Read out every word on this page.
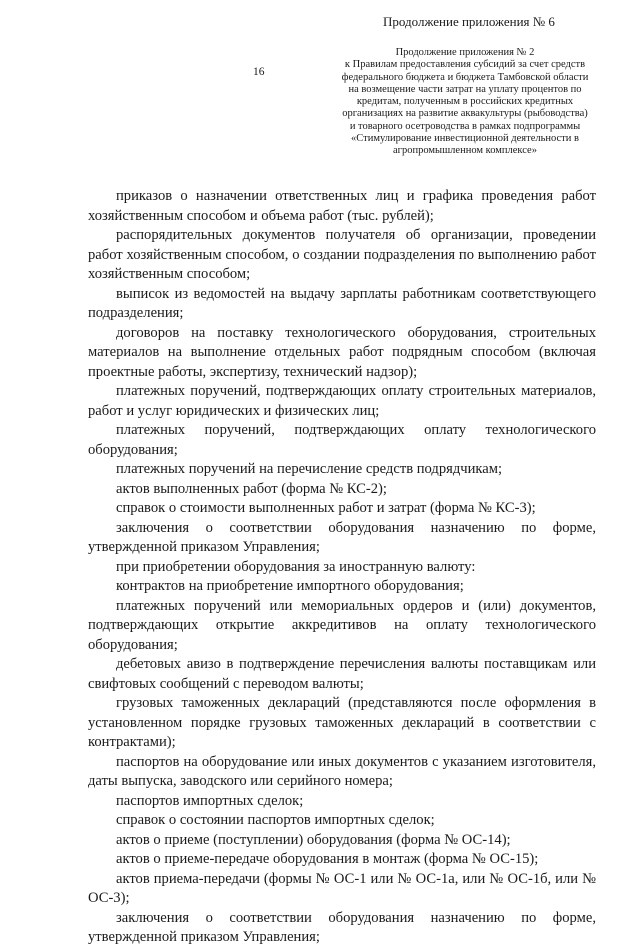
Продолжение приложения № 6
16
Продолжение приложения № 2
к Правилам предоставления субсидий за счет средств
федерального бюджета и бюджета Тамбовской области
на возмещение части затрат на уплату процентов по
кредитам, полученным в российских кредитных
организациях на развитие аквакультуры (рыбоводства)
и товарного осетроводства в рамках подпрограммы
«Стимулирование инвестиционной деятельности в
агропромышленном комплексе»

приказов о назначении ответственных лиц и графика проведения работ хозяйственным способом и объема работ (тыс. рублей);

распорядительных документов получателя об организации, проведении работ хозяйственным способом, о создании подразделения по выполнению работ хозяйственным способом;

выписок из ведомостей на выдачу зарплаты работникам соответствующего подразделения;

договоров на поставку технологического оборудования, строительных материалов на выполнение отдельных работ подрядным способом (включая проектные работы, экспертизу, технический надзор);

платежных поручений, подтверждающих оплату строительных материалов, работ и услуг юридических и физических лиц;

платежных поручений, подтверждающих оплату технологического оборудования;

платежных поручений на перечисление средств подрядчикам;

актов выполненных работ (форма № КС-2);

справок о стоимости выполненных работ и затрат (форма № КС-3);

заключения о соответствии оборудования назначению по форме, утвержденной приказом Управления;

при приобретении оборудования за иностранную валюту:

контрактов на приобретение импортного оборудования;

платежных поручений или мемориальных ордеров и (или) документов, подтверждающих открытие аккредитивов на оплату технологического оборудования;

дебетовых авизо в подтверждение перечисления валюты поставщикам или свифтовых сообщений с переводом валюты;

грузовых таможенных деклараций (представляются после оформления в установленном порядке грузовых таможенных деклараций в соответствии с контрактами);

паспортов на оборудование или иных документов с указанием изготовителя, даты выпуска, заводского или серийного номера;

паспортов импортных сделок;

справок о состоянии паспортов импортных сделок;

актов о приеме (поступлении) оборудования (форма № ОС-14);

актов о приеме-передаче оборудования в монтаж (форма № ОС-15);

актов приема-передачи (формы № ОС-1 или № ОС-1а, или № ОС-1б, или № ОС-3);

заключения о соответствии оборудования назначению по форме, утвержденной приказом Управления;
